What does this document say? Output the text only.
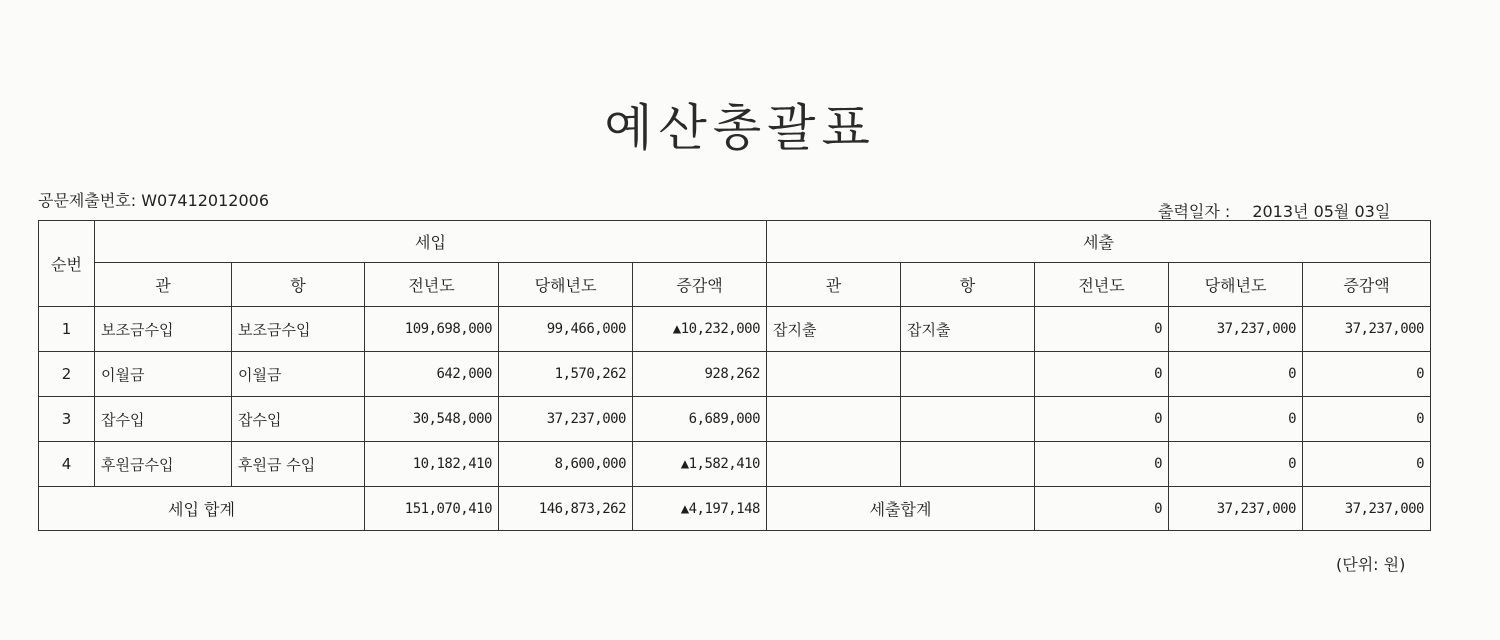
예산총괄표
공문제출번호: W07412012006
출력일자 : 2013년 05월 03일
순번	세입					세출				
	관	항	전년도	당해년도	증감액	관	항	전년도	당해년도	증감액
1	보조금수입	보조금수입	109,698,000	99,466,000	▲10,232,000	잡지출	잡지출	0	37,237,000	37,237,000
2	이월금	이월금	642,000	1,570,262	928,262			0	0	0
3	잡수입	잡수입	30,548,000	37,237,000	6,689,000			0	0	0
4	후원금수입	후원금 수입	10,182,410	8,600,000	▲1,582,410			0	0	0
세입 합계			151,070,410	146,873,262	▲4,197,148	세출합계		0	37,237,000	37,237,000
(단위: 원)
